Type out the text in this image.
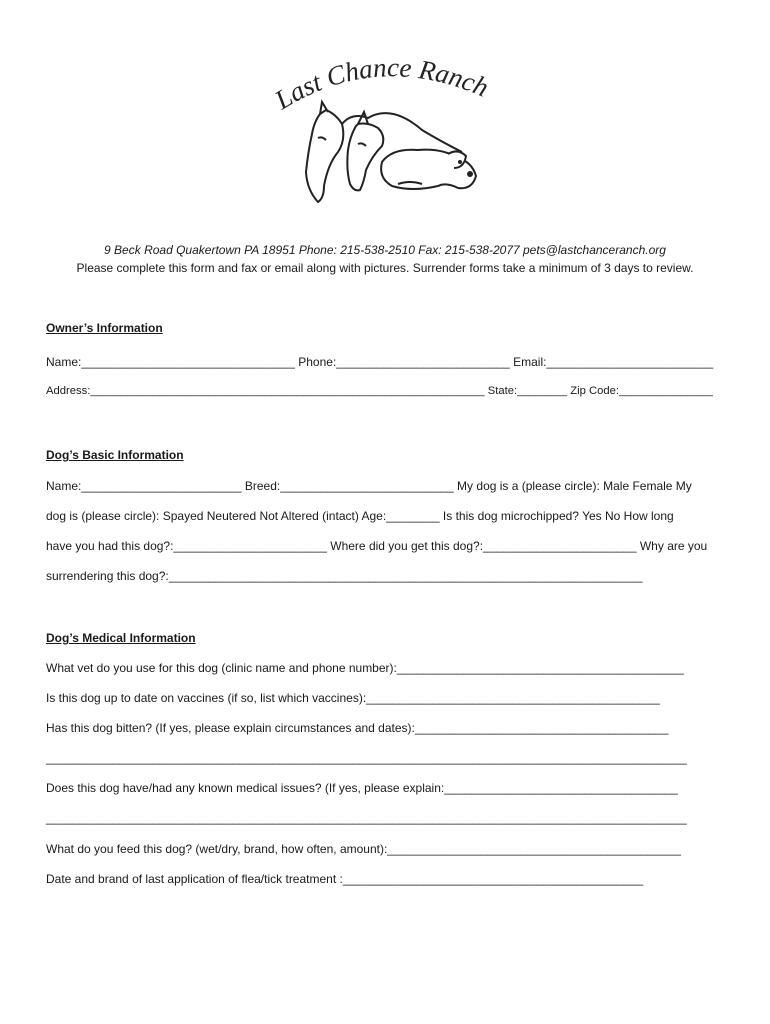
Last Chance Ranch
9 Beck Road Quakertown PA 18951 Phone: 215-538-2510 Fax: 215-538-2077 pets@lastchanceranch.org
Please complete this form and fax or email along with pictures. Surrender forms take a minimum of 3 days to review.
Owner’s Information
Name:________________________________ Phone:__________________________ Email:_________________________
Address:_______________________________________________________________ State:________ Zip Code:_______________
Dog’s Basic Information
Name:________________________ Breed:__________________________ My dog is a (please circle): Male Female My
dog is (please circle): Spayed Neutered Not Altered (intact) Age:________ Is this dog microchipped? Yes No How long
have you had this dog?:_______________________ Where did you get this dog?:_______________________ Why are you
surrendering this dog?:_______________________________________________________________________
Dog’s Medical Information
What vet do you use for this dog (clinic name and phone number):___________________________________________
Is this dog up to date on vaccines (if so, list which vaccines):____________________________________________
Has this dog bitten? (If yes, please explain circumstances and dates):______________________________________
________________________________________________________________________________________________
Does this dog have/had any known medical issues? (If yes, please explain:___________________________________
________________________________________________________________________________________________
What do you feed this dog? (wet/dry, brand, how often, amount):____________________________________________
Date and brand of last application of flea/tick treatment :_____________________________________________
